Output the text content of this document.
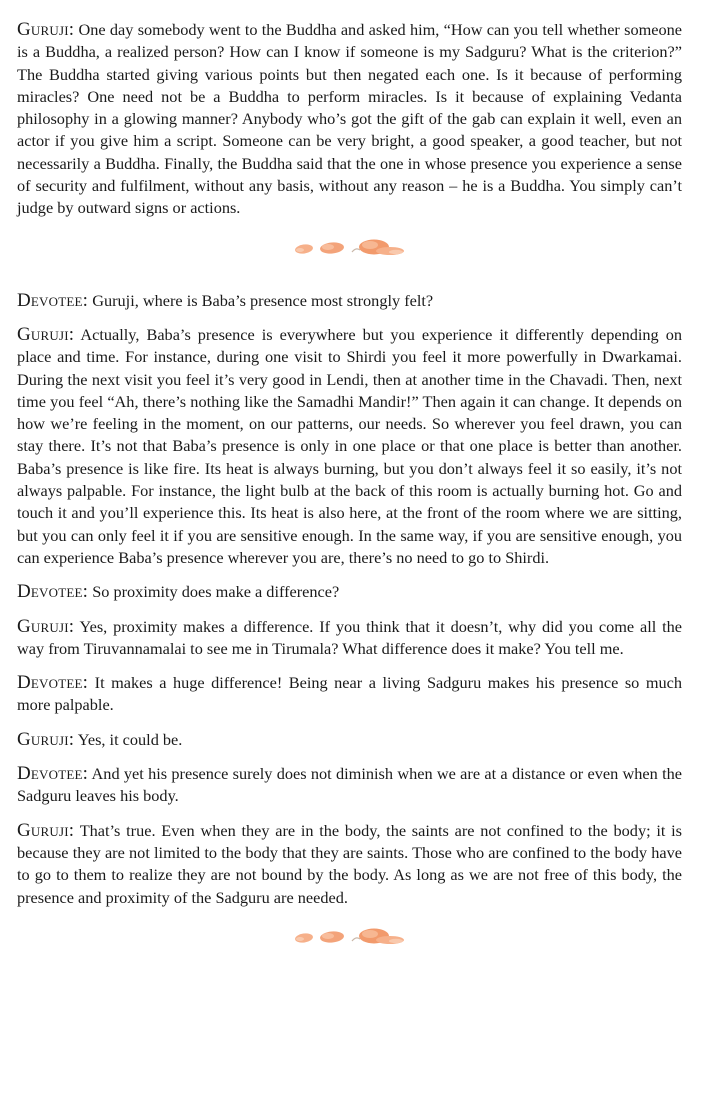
Guruji: One day somebody went to the Buddha and asked him, “How can you tell whether someone is a Buddha, a realized person? How can I know if someone is my Sadguru? What is the criterion?” The Buddha started giving various points but then negated each one. Is it because of performing miracles? One need not be a Buddha to perform miracles. Is it because of explaining Vedanta philosophy in a glowing manner? Anybody who’s got the gift of the gab can explain it well, even an actor if you give him a script. Someone can be very bright, a good speaker, a good teacher, but not necessarily a Buddha. Finally, the Buddha said that the one in whose presence you experience a sense of security and fulfilment, without any basis, without any reason – he is a Buddha. You simply can’t judge by outward signs or actions.

Devotee: Guruji, where is Baba’s presence most strongly felt?

Guruji: Actually, Baba’s presence is everywhere but you experience it differently depending on place and time. For instance, during one visit to Shirdi you feel it more powerfully in Dwarkamai. During the next visit you feel it’s very good in Lendi, then at another time in the Chavadi. Then, next time you feel “Ah, there’s nothing like the Samadhi Mandir!” Then again it can change. It depends on how we’re feeling in the moment, on our patterns, our needs. So wherever you feel drawn, you can stay there. It’s not that Baba’s presence is only in one place or that one place is better than another. Baba’s presence is like fire. Its heat is always burning, but you don’t always feel it so easily, it’s not always palpable. For instance, the light bulb at the back of this room is actually burning hot. Go and touch it and you’ll experience this. Its heat is also here, at the front of the room where we are sitting, but you can only feel it if you are sensitive enough. In the same way, if you are sensitive enough, you can experience Baba’s presence wherever you are, there’s no need to go to Shirdi.

Devotee: So proximity does make a difference?

Guruji: Yes, proximity makes a difference. If you think that it doesn’t, why did you come all the way from Tiruvannamalai to see me in Tirumala? What difference does it make? You tell me.

Devotee: It makes a huge difference! Being near a living Sadguru makes his presence so much more palpable.

Guruji: Yes, it could be.

Devotee: And yet his presence surely does not diminish when we are at a distance or even when the Sadguru leaves his body.

Guruji: That’s true. Even when they are in the body, the saints are not confined to the body; it is because they are not limited to the body that they are saints. Those who are confined to the body have to go to them to realize they are not bound by the body. As long as we are not free of this body, the presence and proximity of the Sadguru are needed.
